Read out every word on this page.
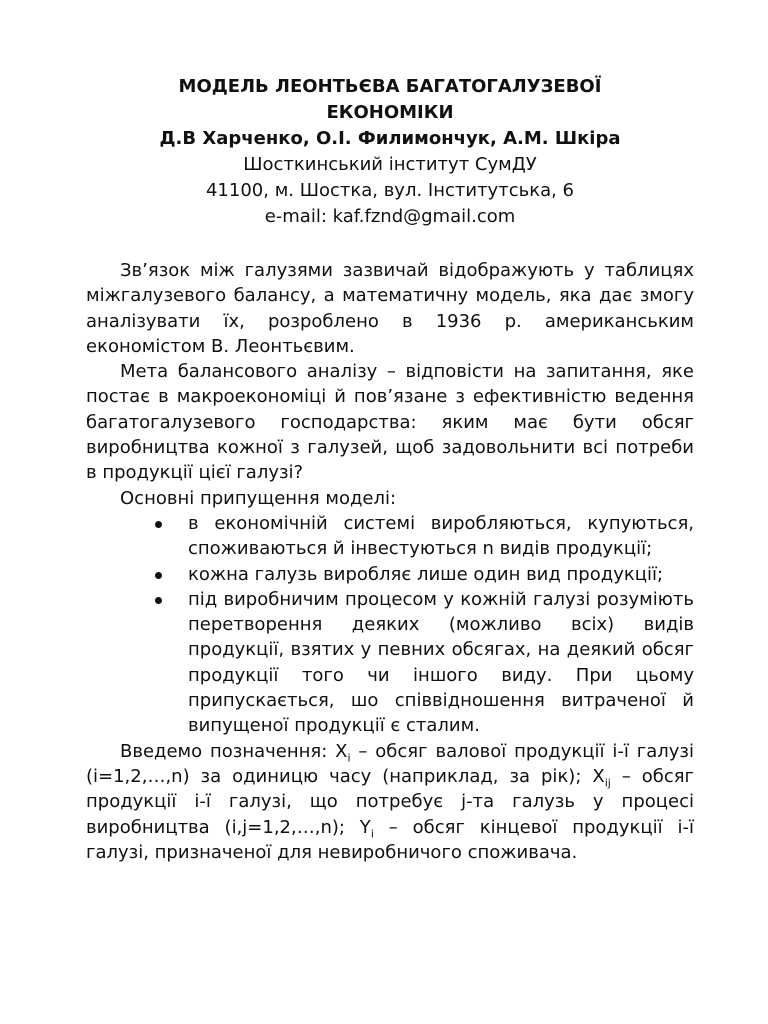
МОДЕЛЬ ЛЕОНТЬЄВА БАГАТОГАЛУЗЕВОЇ
ЕКОНОМІКИ

Д.В Харченко, О.І. Филимончук, А.М. Шкіра

Шосткинський інститут СумДУ

41100, м. Шостка, вул. Інститутська, 6

e-mail: kaf.fznd@gmail.com

Зв’язок між галузями зазвичай відображують у таблицях міжгалузевого балансу, а математичну модель, яка дає змогу аналізувати їх, розроблено в 1936 р. американським економістом В. Леонтьєвим.

Мета балансового аналізу – відповісти на запитання, яке постає в макроекономіці й пов’язане з ефективністю ведення багатогалузевого господарства: яким має бути обсяг виробництва кожної з галузей, щоб задовольнити всі потреби в продукції цієї галузі?

Основні припущення моделі:

в економічній системі виробляються, купуються, споживаються й інвестуються n видів продукції;
кожна галузь виробляє лише один вид продукції;
під виробничим процесом у кожній галузі розуміють перетворення деяких (можливо всіх) видів продукції, взятих у певних обсягах, на деякий обсяг продукції того чи іншого виду. При цьому припускається, шо співвідношення витраченої й випущеної продукції є сталим.

Введемо позначення: $X_i$ – обсяг валової продукції i-ї галузі (i=1,2,…,n) за одиницю часу (наприклад, за рік); $X_{ij}$ – обсяг продукції i-ї галузі, що потребує j-та галузь у процесі виробництва (i,j=1,2,…,n); $Y_i$ – обсяг кінцевої продукції i-ї галузі, призначеної для невиробничого споживача.
